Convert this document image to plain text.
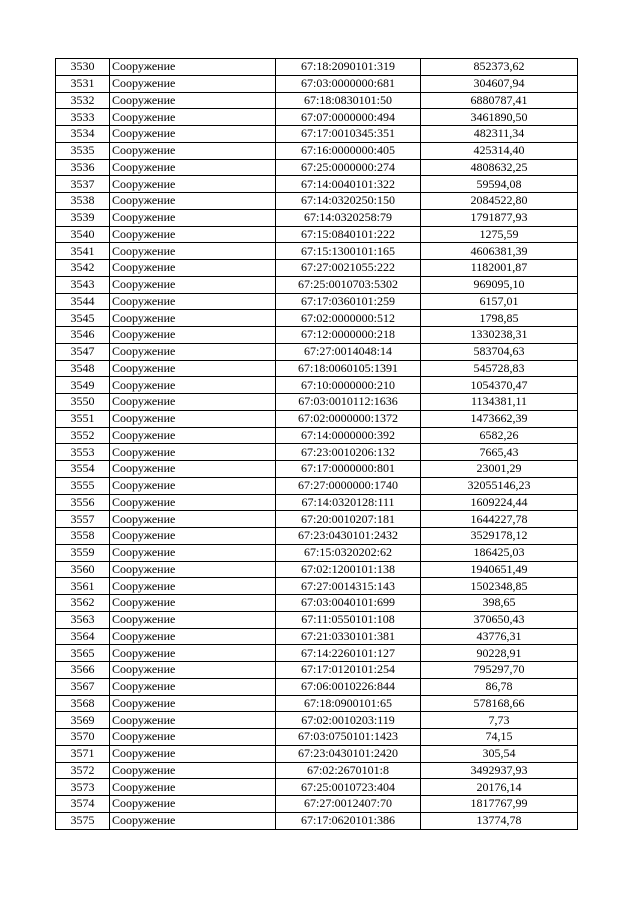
3530	Сооружение	67:18:2090101:319	852373,62
3531	Сооружение	67:03:0000000:681	304607,94
3532	Сооружение	67:18:0830101:50	6880787,41
3533	Сооружение	67:07:0000000:494	3461890,50
3534	Сооружение	67:17:0010345:351	482311,34
3535	Сооружение	67:16:0000000:405	425314,40
3536	Сооружение	67:25:0000000:274	4808632,25
3537	Сооружение	67:14:0040101:322	59594,08
3538	Сооружение	67:14:0320250:150	2084522,80
3539	Сооружение	67:14:0320258:79	1791877,93
3540	Сооружение	67:15:0840101:222	1275,59
3541	Сооружение	67:15:1300101:165	4606381,39
3542	Сооружение	67:27:0021055:222	1182001,87
3543	Сооружение	67:25:0010703:5302	969095,10
3544	Сооружение	67:17:0360101:259	6157,01
3545	Сооружение	67:02:0000000:512	1798,85
3546	Сооружение	67:12:0000000:218	1330238,31
3547	Сооружение	67:27:0014048:14	583704,63
3548	Сооружение	67:18:0060105:1391	545728,83
3549	Сооружение	67:10:0000000:210	1054370,47
3550	Сооружение	67:03:0010112:1636	1134381,11
3551	Сооружение	67:02:0000000:1372	1473662,39
3552	Сооружение	67:14:0000000:392	6582,26
3553	Сооружение	67:23:0010206:132	7665,43
3554	Сооружение	67:17:0000000:801	23001,29
3555	Сооружение	67:27:0000000:1740	32055146,23
3556	Сооружение	67:14:0320128:111	1609224,44
3557	Сооружение	67:20:0010207:181	1644227,78
3558	Сооружение	67:23:0430101:2432	3529178,12
3559	Сооружение	67:15:0320202:62	186425,03
3560	Сооружение	67:02:1200101:138	1940651,49
3561	Сооружение	67:27:0014315:143	1502348,85
3562	Сооружение	67:03:0040101:699	398,65
3563	Сооружение	67:11:0550101:108	370650,43
3564	Сооружение	67:21:0330101:381	43776,31
3565	Сооружение	67:14:2260101:127	90228,91
3566	Сооружение	67:17:0120101:254	795297,70
3567	Сооружение	67:06:0010226:844	86,78
3568	Сооружение	67:18:0900101:65	578168,66
3569	Сооружение	67:02:0010203:119	7,73
3570	Сооружение	67:03:0750101:1423	74,15
3571	Сооружение	67:23:0430101:2420	305,54
3572	Сооружение	67:02:2670101:8	3492937,93
3573	Сооружение	67:25:0010723:404	20176,14
3574	Сооружение	67:27:0012407:70	1817767,99
3575	Сооружение	67:17:0620101:386	13774,78
